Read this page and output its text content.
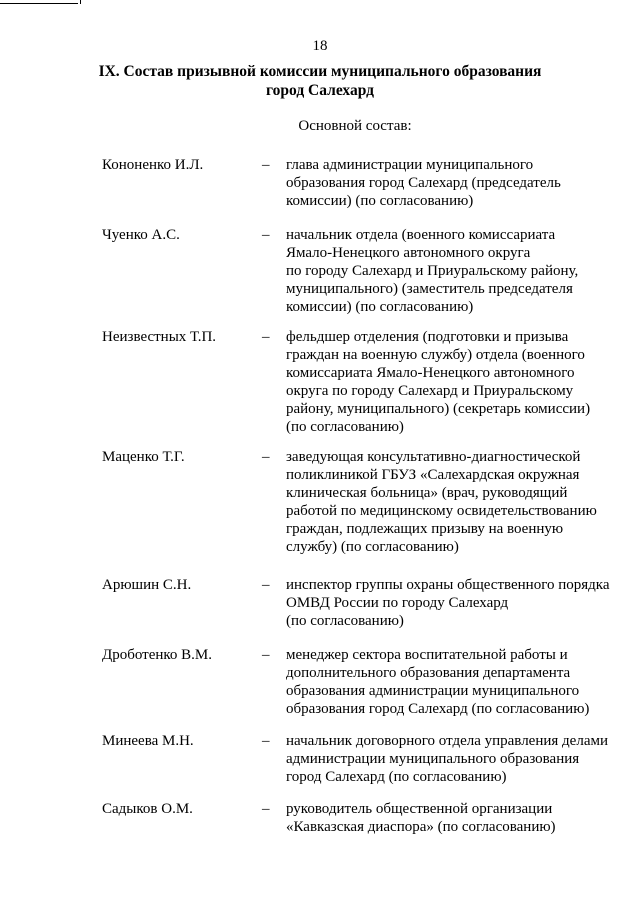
18
IX. Состав призывной комиссии муниципального образования
город Салехард
Основной состав:
Кононенко И.Л.	– глава администрации муниципального
образования город Салехард (председатель
комиссии) (по согласованию)
Чуенко А.С.	– начальник отдела (военного комиссариата
Ямало-Ненецкого автономного округа
по городу Салехард и Приуральскому району,
муниципального) (заместитель председателя
комиссии) (по согласованию)
Неизвестных Т.П.	– фельдшер отделения (подготовки и призыва
граждан на военную службу) отдела (военного
комиссариата Ямало-Ненецкого автономного
округа по городу Салехард и Приуральскому
району, муниципального) (секретарь комиссии)
(по согласованию)
Маценко Т.Г.	– заведующая консультативно-диагностической
поликлиникой ГБУЗ «Салехардская окружная
клиническая больница» (врач, руководящий
работой по медицинскому освидетельствованию
граждан, подлежащих призыву на военную
службу) (по согласованию)
Арюшин С.Н.	– инспектор группы охраны общественного порядка
ОМВД России по городу Салехард
(по согласованию)
Дроботенко В.М.	– менеджер сектора воспитательной работы и
дополнительного образования департамента
образования администрации муниципального
образования город Салехард (по согласованию)
Минеева М.Н.	– начальник договорного отдела управления делами
администрации муниципального образования
город Салехард (по согласованию)
Садыков О.М.	– руководитель общественной организации
«Кавказская диаспора» (по согласованию)
